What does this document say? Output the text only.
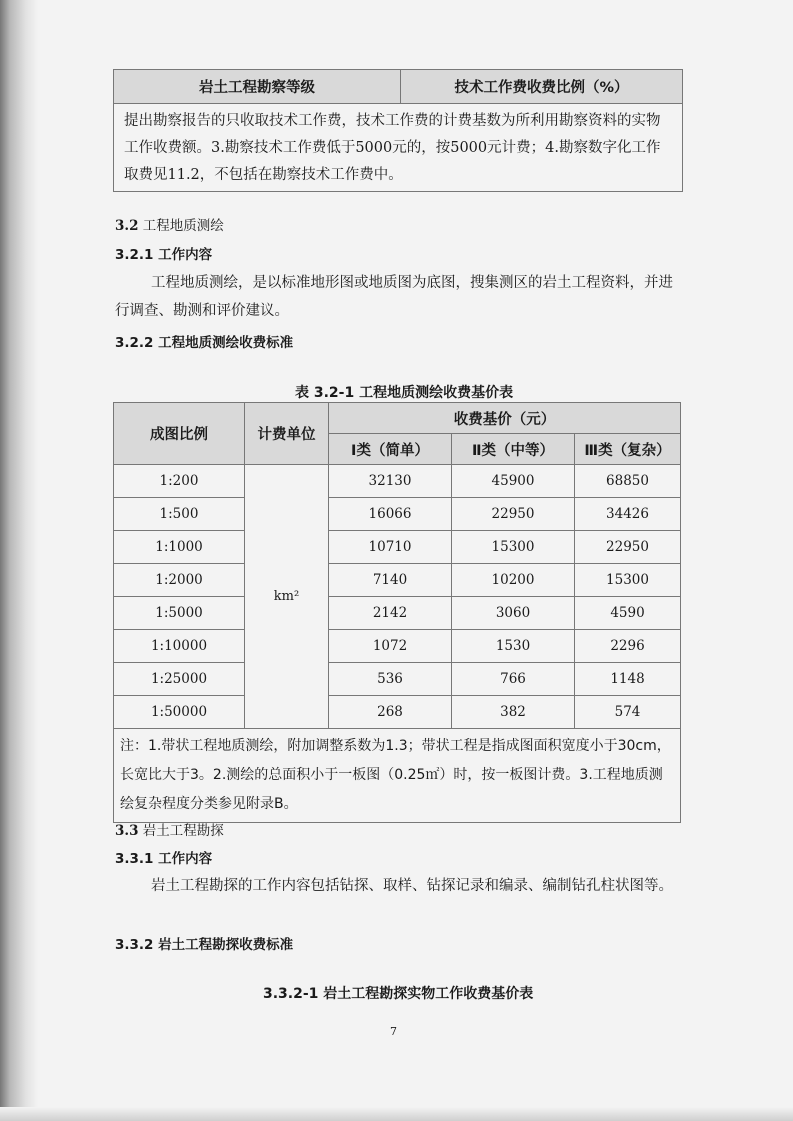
岩土工程勘察等级	技术工作费收费比例（%）
提出勘察报告的只收取技术工作费，技术工作费的计费基数为所利用勘察资料的实物工作收费额。3.勘察技术工作费低于5000元的，按5000元计费；4.勘察数字化工作取费见11.2，不包括在勘察技术工作费中。
3.2 工程地质测绘
3.2.1 工作内容
工程地质测绘，是以标准地形图或地质图为底图，搜集测区的岩土工程资料，并进行调查、勘测和评价建议。
3.2.2 工程地质测绘收费标准
表 3.2-1 工程地质测绘收费基价表
成图比例	计费单位	收费基价（元）		
		Ⅰ类（简单）	Ⅱ类（中等）	Ⅲ类（复杂）
1:200	km²	32130	45900	68850
1:500		16066	22950	34426
1:1000		10710	15300	22950
1:2000		7140	10200	15300
1:5000		2142	3060	4590
1:10000		1072	1530	2296
1:25000		536	766	1148
1:50000		268	382	574
注：1.带状工程地质测绘，附加调整系数为1.3；带状工程是指成图面积宽度小于30cm，长宽比大于3。2.测绘的总面积小于一板图（0.25㎡）时，按一板图计费。3.工程地质测绘复杂程度分类参见附录B。				
3.3 岩土工程勘探
3.3.1 工作内容
岩土工程勘探的工作内容包括钻探、取样、钻探记录和编录、编制钻孔柱状图等。
3.3.2 岩土工程勘探收费标准
3.3.2-1 岩土工程勘探实物工作收费基价表
7
